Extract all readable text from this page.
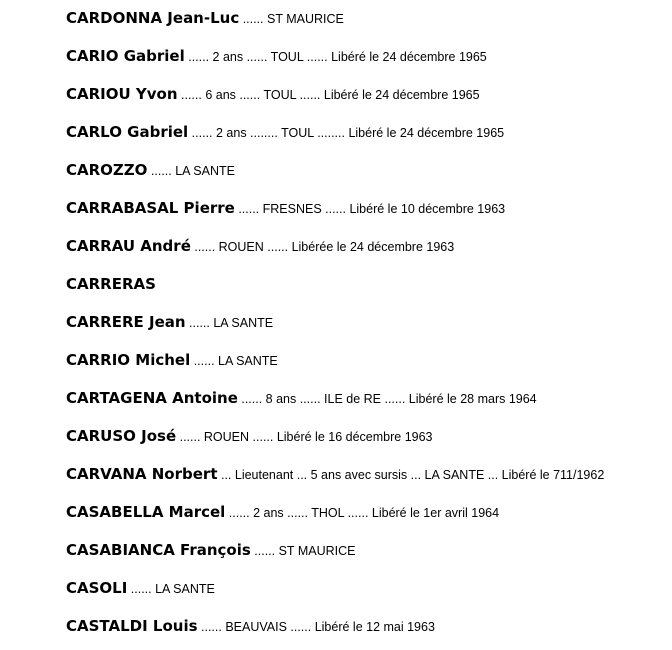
CARDONNA Jean-Luc ...... ST MAURICE
CARIO Gabriel ...... 2 ans ...... TOUL ...... Libéré le 24 décembre 1965
CARIOU Yvon ...... 6 ans ...... TOUL ...... Libéré le 24 décembre 1965
CARLO Gabriel ...... 2 ans ........ TOUL ........ Libéré le 24 décembre 1965
CAROZZO ...... LA SANTE
CARRABASAL Pierre ...... FRESNES ...... Libéré le 10 décembre 1963
CARRAU André ...... ROUEN ...... Libérée le 24 décembre 1963
CARRERAS
CARRERE Jean ...... LA SANTE
CARRIO Michel ...... LA SANTE
CARTAGENA Antoine ...... 8 ans ...... ILE de RE ...... Libéré le 28 mars 1964
CARUSO José ...... ROUEN ...... Libéré le 16 décembre 1963
CARVANA Norbert ... Lieutenant ... 5 ans avec sursis ... LA SANTE ... Libéré le 711/1962
CASABELLA Marcel ...... 2 ans ...... THOL ...... Libéré le 1er avril 1964
CASABIANCA François ...... ST MAURICE
CASOLI ...... LA SANTE
CASTALDI Louis ...... BEAUVAIS ...... Libéré le 12 mai 1963
